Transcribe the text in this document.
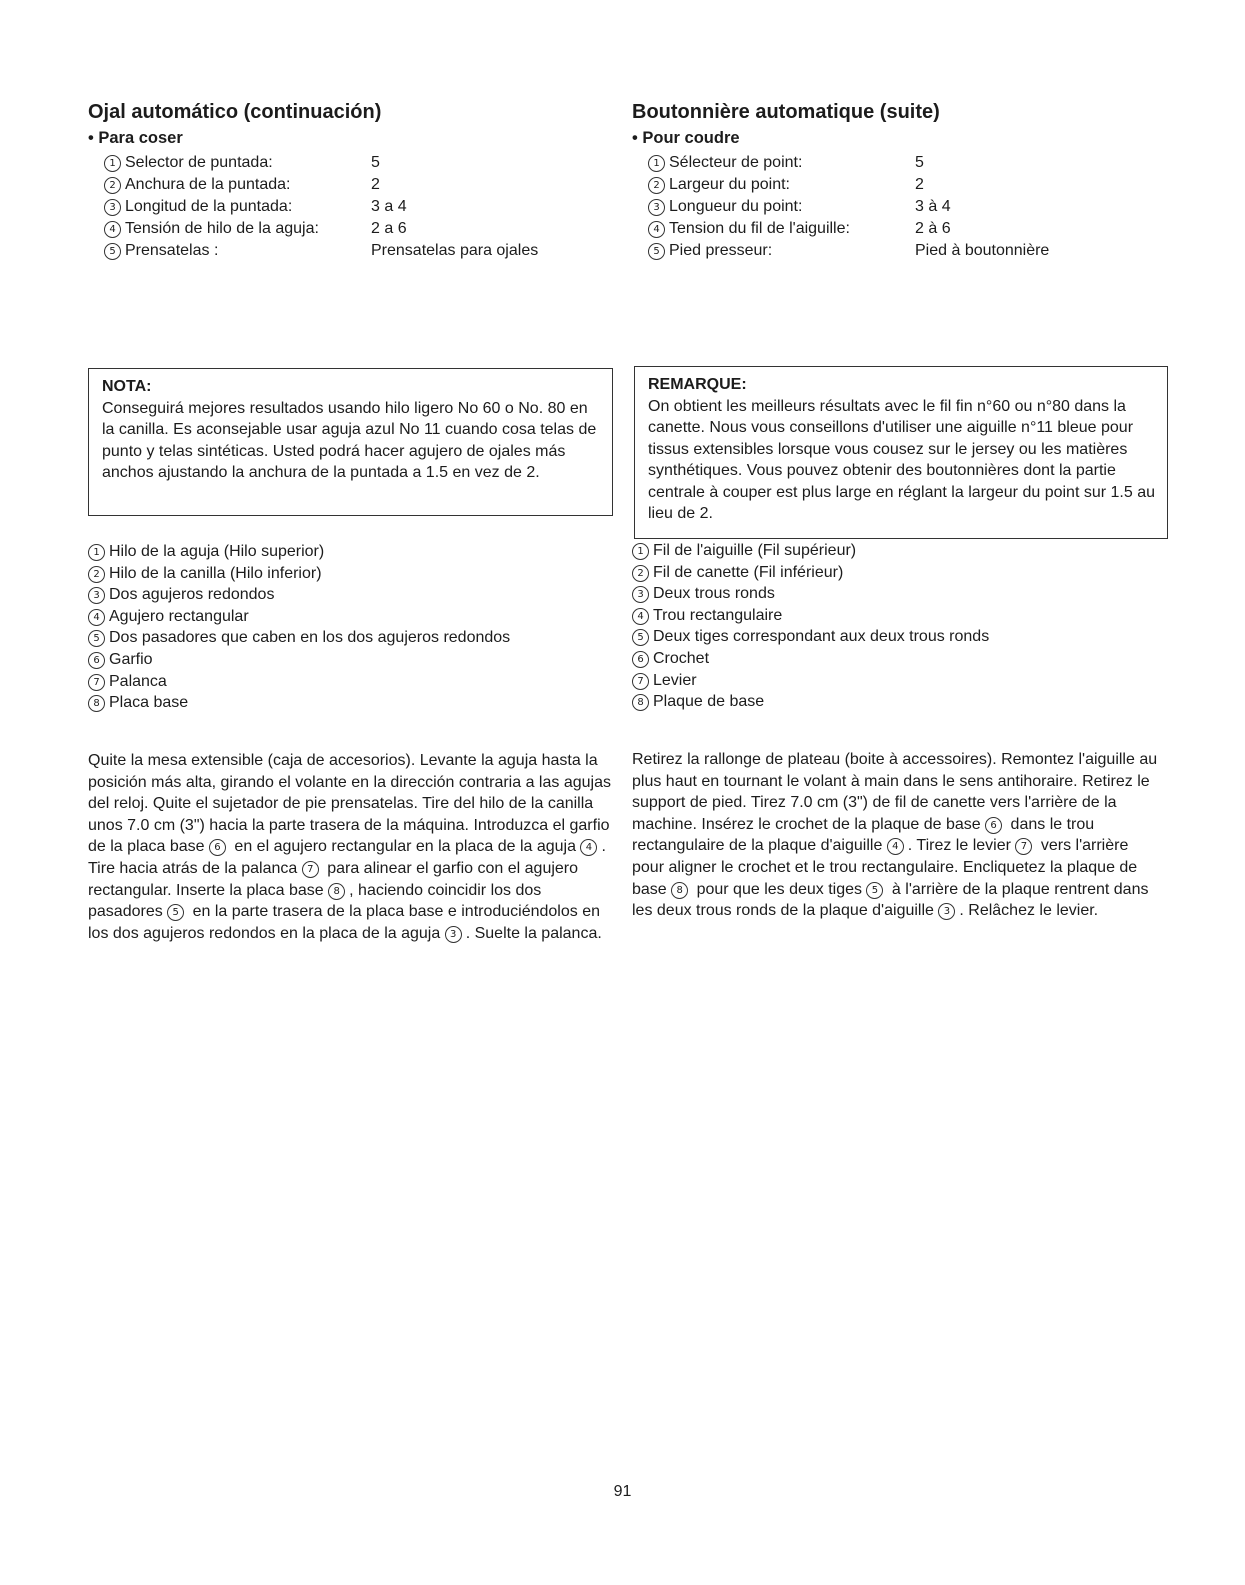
Ojal automático (continuación)
• Para coser
1 Selector de puntada:	5
2 Anchura de la puntada:	2
3 Longitud de la puntada:	3 a 4
4 Tensión de hilo de la aguja:	2 a 6
5 Prensatelas :	Prensatelas para ojales
NOTA:
Conseguirá mejores resultados usando hilo ligero No 60 o No. 80 en la canilla. Es aconsejable usar aguja azul No 11 cuando cosa telas de punto y telas sintéticas. Usted podrá hacer agujero de ojales más anchos ajustando la anchura de la puntada a 1.5 en vez de 2.
1 Hilo de la aguja (Hilo superior)
2 Hilo de la canilla (Hilo inferior)
3 Dos agujeros redondos
4 Agujero rectangular
5 Dos pasadores que caben en los dos agujeros redondos
6 Garfio
7 Palanca
8 Placa base

Quite la mesa extensible (caja de accesorios). Levante la aguja hasta la posición más alta, girando el volante en la dirección contraria a las agujas del reloj. Quite el sujetador de pie prensatelas. Tire del hilo de la canilla unos 7.0 cm (3") hacia la parte trasera de la máquina. Introduzca el garfio de la placa base 6 en el agujero rectangular en la placa de la aguja 4 . Tire hacia atrás de la palanca 7 para alinear el garfio con el agujero rectangular. Inserte la placa base 8 , haciendo coincidir los dos pasadores 5 en la parte trasera de la placa base e introduciéndolos en los dos agujeros redondos en la placa de la aguja 3 . Suelte la palanca.

Boutonnière automatique (suite)
• Pour coudre
1 Sélecteur de point:	5
2 Largeur du point:	2
3 Longueur du point:	3 à 4
4 Tension du fil de l'aiguille:	2 à 6
5 Pied presseur:	Pied à boutonnière
REMARQUE:
On obtient les meilleurs résultats avec le fil fin n°60 ou n°80 dans la canette. Nous vous conseillons d'utiliser une aiguille n°11 bleue pour tissus extensibles lorsque vous cousez sur le jersey ou les matières synthétiques. Vous pouvez obtenir des boutonnières dont la partie centrale à couper est plus large en réglant la largeur du point sur 1.5 au lieu de 2.
1 Fil de l'aiguille (Fil supérieur)
2 Fil de canette (Fil inférieur)
3 Deux trous ronds
4 Trou rectangulaire
5 Deux tiges correspondant aux deux trous ronds
6 Crochet
7 Levier
8 Plaque de base

Retirez la rallonge de plateau (boite à accessoires). Remontez l'aiguille au plus haut en tournant le volant à main dans le sens antihoraire. Retirez le support de pied. Tirez 7.0 cm (3") de fil de canette vers l'arrière de la machine. Insérez le crochet de la plaque de base 6 dans le trou rectangulaire de la plaque d'aiguille 4 . Tirez le levier 7 vers l'arrière pour aligner le crochet et le trou rectangulaire. Encliquetez la plaque de base 8 pour que les deux tiges 5 à l'arrière de la plaque rentrent dans les deux trous ronds de la plaque d'aiguille 3 . Relâchez le levier.

91
